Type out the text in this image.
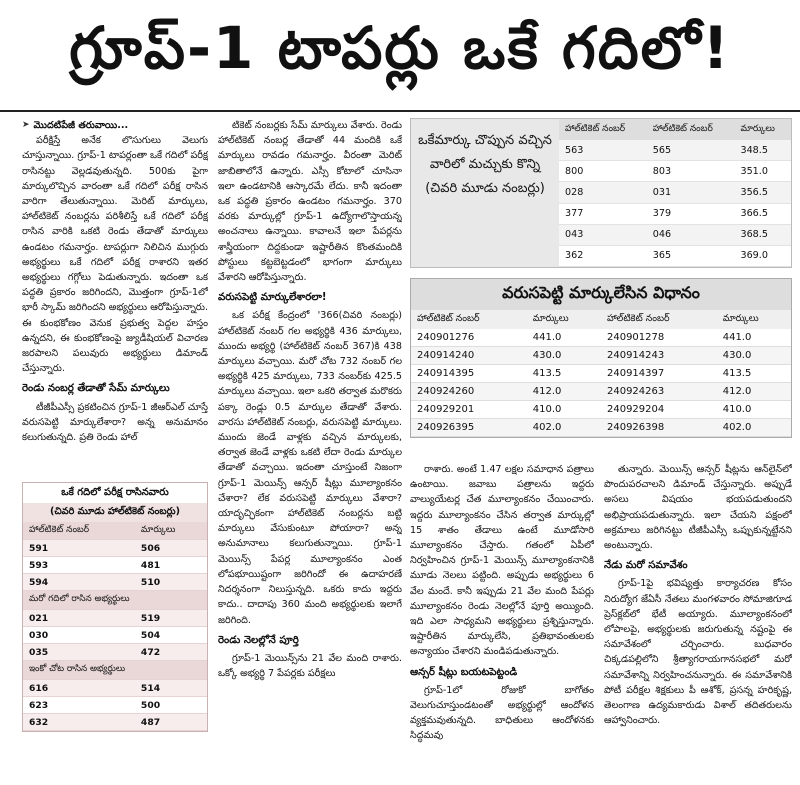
గ్రూప్-1 టాపర్లు ఒకే గదిలో!
➤ మొదటిపేజీ తరువాయి...

పరీక్షిస్తే అనేక లొసుగులు వెలుగు చూస్తున్నాయి. గ్రూప్-1 టాపర్లంతా ఒకే గదిలో పరీక్ష రాసినట్టు వెల్లడవుతున్నది. 500కు పైగా మార్కులొచ్చిన వారంతా ఒకే గదిలో పరీక్ష రాసిన వారిగా తేలుతున్నాయి. మెరిట్ మార్కులు, హాల్‌టికెట్ నంబర్లను పరిశీలిస్తే ఒకే గదిలో పరీక్ష రాసిన వారికి ఒకటి రెండు తేడాతో మార్కులు ఉండటం గమనార్హం. టాపర్లుగా నిలిచిన ముగ్గురు అభ్యర్థులు ఒకే గదిలో పరీక్ష రాశారని ఇతర అభ్యర్థులు గగ్గోలు పెడుతున్నారు. ఇదంతా ఒక పద్ధతి ప్రకారం జరిగిందని, మొత్తంగా గ్రూప్-1లో భారీ స్కామ్ జరిగిందని అభ్యర్థులు ఆరోపిస్తున్నారు. ఈ కుంభకోణం వెనుక ప్రభుత్వ పెద్దల హస్తం ఉన్నదని, ఈ కుంభకోణంపై జ్యుడీషియల్ విచారణ జరపాలని పలువురు అభ్యర్థులు డిమాండ్ చేస్తున్నారు.

రెండు నంబర్ల తేడాతో సేమ్ మార్కులు

టీజీపీఎస్సీ ప్రకటించిన గ్రూప్-1 జీఆర్ఎల్ చూస్తే వరుసపెట్టి మార్కులేశారా? అన్న అనుమానం కలుగుతున్నది. ప్రతి రెండు హాల్

ఒకే గదిలో పరీక్ష రాసినవారు
(చివరి మూడు హాల్‌టికెట్ నంబర్లు)
హాల్‌టికెట్ నంబర్	మార్కులు
591	506
593	481
594	510
మరో గదిలో రాసిన అభ్యర్థులు	
021	519
030	504
035	472
ఇంకో చోట రాసిన అభ్యర్థులు	
616	514
623	500
632	487

టికెట్ నంబర్లకు సేమ్ మార్కులు వేశారు. రెండు హాల్‌టికెట్ నంబర్ల తేడాతో 44 మందికి ఒకే మార్కులు రావడం గమనార్హం. వీరంతా మెరిట్ జాబితాలోనే ఉన్నారు. ఎస్సీ కోటాలో చూసినా ఇలా ఉండటానికి ఆస్కారమే లేదు. కానీ ఇదంతా ఒక పద్ధతి ప్రకారం ఉండటం గమనార్హం. 370 వరకు మార్కుల్లో గ్రూప్-1 ఉద్యోగాలొస్తాయన్న అంచనాలు ఉన్నాయి. కావాలనే ఇలా పేపర్లను శాస్త్రీయంగా దిద్దకుండా ఇష్టారీతిన కొంతమందికి పోస్టులు కట్టబెట్టడంలో భాగంగా మార్కులు వేశారని ఆరోపిస్తున్నారు.

వరుసపెట్టి మార్కులేశారలా!

ఒక పరీక్ష కేంద్రంలో '366(చివరి నంబర్లు) హాల్‌టికెట్ నంబర్ గల అభ్యర్థికి 436 మార్కులు, ముందు అభ్యర్థి (హాల్‌టికెట్ నంబర్ 367)కి 438 మార్కులు వచ్చాయి. మరో చోట 732 నంబర్ గల అభ్యర్థికి 425 మార్కులు, 733 నంబర్‌కు 425.5 మార్కులు వచ్చాయి. ఇలా ఒకరి తర్వాత మరొకరు పక్కా రెండ్లు 0.5 మార్కుల తేడాతో వేశారు. వారసు హాల్‌టికెట్ నంబర్లు, వరుసపెట్టి మార్కులు. ముందు జెండే వాళ్లకు వచ్చిన మార్కులకు, తర్వాత జెండే వాళ్లకు ఒకటి లేదా రెండు మార్కుల తేడాతో వచ్చాయి. ఇదంతా చూస్తుంటే నిజంగా గ్రూప్-1 మెయిన్స్ ఆన్సర్ షీట్లు మూల్యాంకనం చేశారా? లేక వరుసపెట్టి మార్కులు వేశారా? యాదృచ్ఛికంగా హాల్‌టికెట్ నంబర్లను బట్టి మార్కులు వేసుకుంటూ పోయారా? అన్న అనుమానాలు కలుగుతున్నాయి. గ్రూప్-1 మెయిన్స్ పేపర్ల మూల్యాంకనం ఎంత లోపభూయిష్టంగా జరిగిందో ఈ ఉదాహరణే నిదర్శనంగా నిలుస్తున్నది. ఒకరు కాదు ఇద్దరు కాదు.. దాదాపు 360 మంది అభ్యర్థులకు ఇలాగే జరిగింది.

రెండు నెలల్లోనే పూర్తి

గ్రూప్-1 మెయిన్స్‌ను 21 వేల మంది రాశారు. ఒక్కో అభ్యర్థి 7 పేపర్లకు పరీక్షలు

ఒకేమార్కు చొప్పున వచ్చిన వారిలో మచ్చుకు కొన్ని (చివరి మూడు నంబర్లు)
హాల్‌టికెట్ నంబర్	హాల్‌టికెట్ నంబర్	మార్కులు
563	565	348.5
800	803	351.0
028	031	356.5
377	379	366.5
043	046	368.5
362	365	369.0
వరుసపెట్టి మార్కులేసిన విధానం
హాల్‌టికెట్ నంబర్	మార్కులు	హాల్‌టికెట్ నంబర్	మార్కులు
240901276	441.0	240901278	441.0
240914240	430.0	240914243	430.0
240914395	413.5	240914397	413.5
240924260	412.0	240924263	412.0
240929201	410.0	240929204	410.0
240926395	402.0	240926398	402.0

రాశారు. అంటే 1.47 లక్షల సమాధాన పత్రాలు ఉంటాయి. జవాబు పత్రాలను ఇద్దరు వాల్యుయేటర్ల చేత మూల్యాంకనం చేయించారు. ఇద్దరు మూల్యాంకనం చేసిన తర్వాత మార్కుల్లో 15 శాతం తేడాలు ఉంటే మూడోసారి మూల్యాంకనం చేస్తారు. గతంలో ఏపీలో నిర్వహించిన గ్రూప్-1 మెయిన్స్ మూల్యాంకనానికి మూడు నెలలు పట్టింది. అప్పుడు అభ్యర్థులు 6 వేల మందే. కానీ ఇప్పుడు 21 వేల మంది పేపర్లు మూల్యాంకనం రెండు నెలల్లోనే పూర్తి అయ్యింది. ఇది ఎలా సాధ్యమని అభ్యర్థులు ప్రశ్నిస్తున్నారు. ఇష్టారీతిన మార్కులేసి, ప్రతిభావంతులకు అన్యాయం చేశారని మండిపడుతున్నారు.

ఆన్సర్ షీట్లు బయటపెట్టండి

గ్రూప్-1లో రోజుకో బాగోతం వెలుగుచూస్తుండటంతో అభ్యర్థుల్లో ఆందోళన వ్యక్తమవుతున్నది. బాధితులు ఆందోళనకు సిద్ధమవు

తున్నారు. మెయిన్స్ ఆన్సర్ షీట్లను ఆన్‌లైన్‌లో పొందుపరచాలని డిమాండ్ చేస్తున్నారు. అప్పుడే అసలు విషయం భయపడుతుందని అభిప్రాయపడుతున్నారు. ఇలా చేయని పక్షంలో అక్రమాలు జరిగినట్టు టీజీపీఎస్సీ ఒప్పుకున్నట్టేనని అంటున్నారు.

నేడు మరో సమావేశం

గ్రూప్-1పై భవిష్యత్తు కార్యాచరణ కోసం నిరుద్యోగ జేఏసీ నేతలు మంగళవారం సోమాజిగూడ ప్రెస్‌క్లబ్‌లో భేటీ అయ్యారు. మూల్యాంకనంలో లోపాలపై, అభ్యర్థులకు జరుగుతున్న నష్టంపై ఈ సమావేశంలో చర్చించారు. బుధవారం చిక్కడపల్లిలోని శ్రీత్యాగరాయగానసభలో మరో సమావేశాన్ని నిర్వహించనున్నారు. ఈ సమావేశానికి పోటీ పరీక్షల శిక్షకులు పీ ఆశోక్, ప్రసన్న హరికృష్ణ, తెలంగాణ ఉద్యమకారుడు విశాల్ తదితరులను ఆహ్వానించారు.
